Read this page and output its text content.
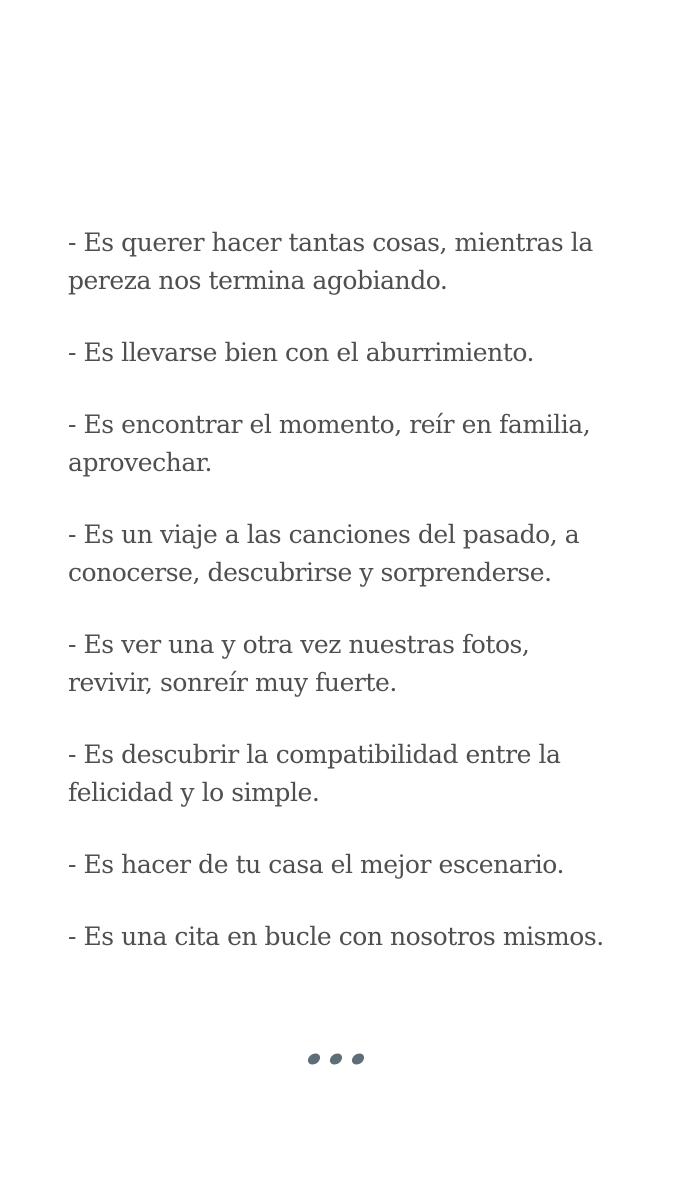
- Es querer hacer tantas cosas, mientras la
pereza nos termina agobiando.

- Es llevarse bien con el aburrimiento.

- Es encontrar el momento, reír en familia,
aprovechar.

- Es un viaje a las canciones del pasado, a
conocerse, descubrirse y sorprenderse.

- Es ver una y otra vez nuestras fotos,
revivir, sonreír muy fuerte.

- Es descubrir la compatibilidad entre la
felicidad y lo simple.

- Es hacer de tu casa el mejor escenario.

- Es una cita en bucle con nosotros mismos.
